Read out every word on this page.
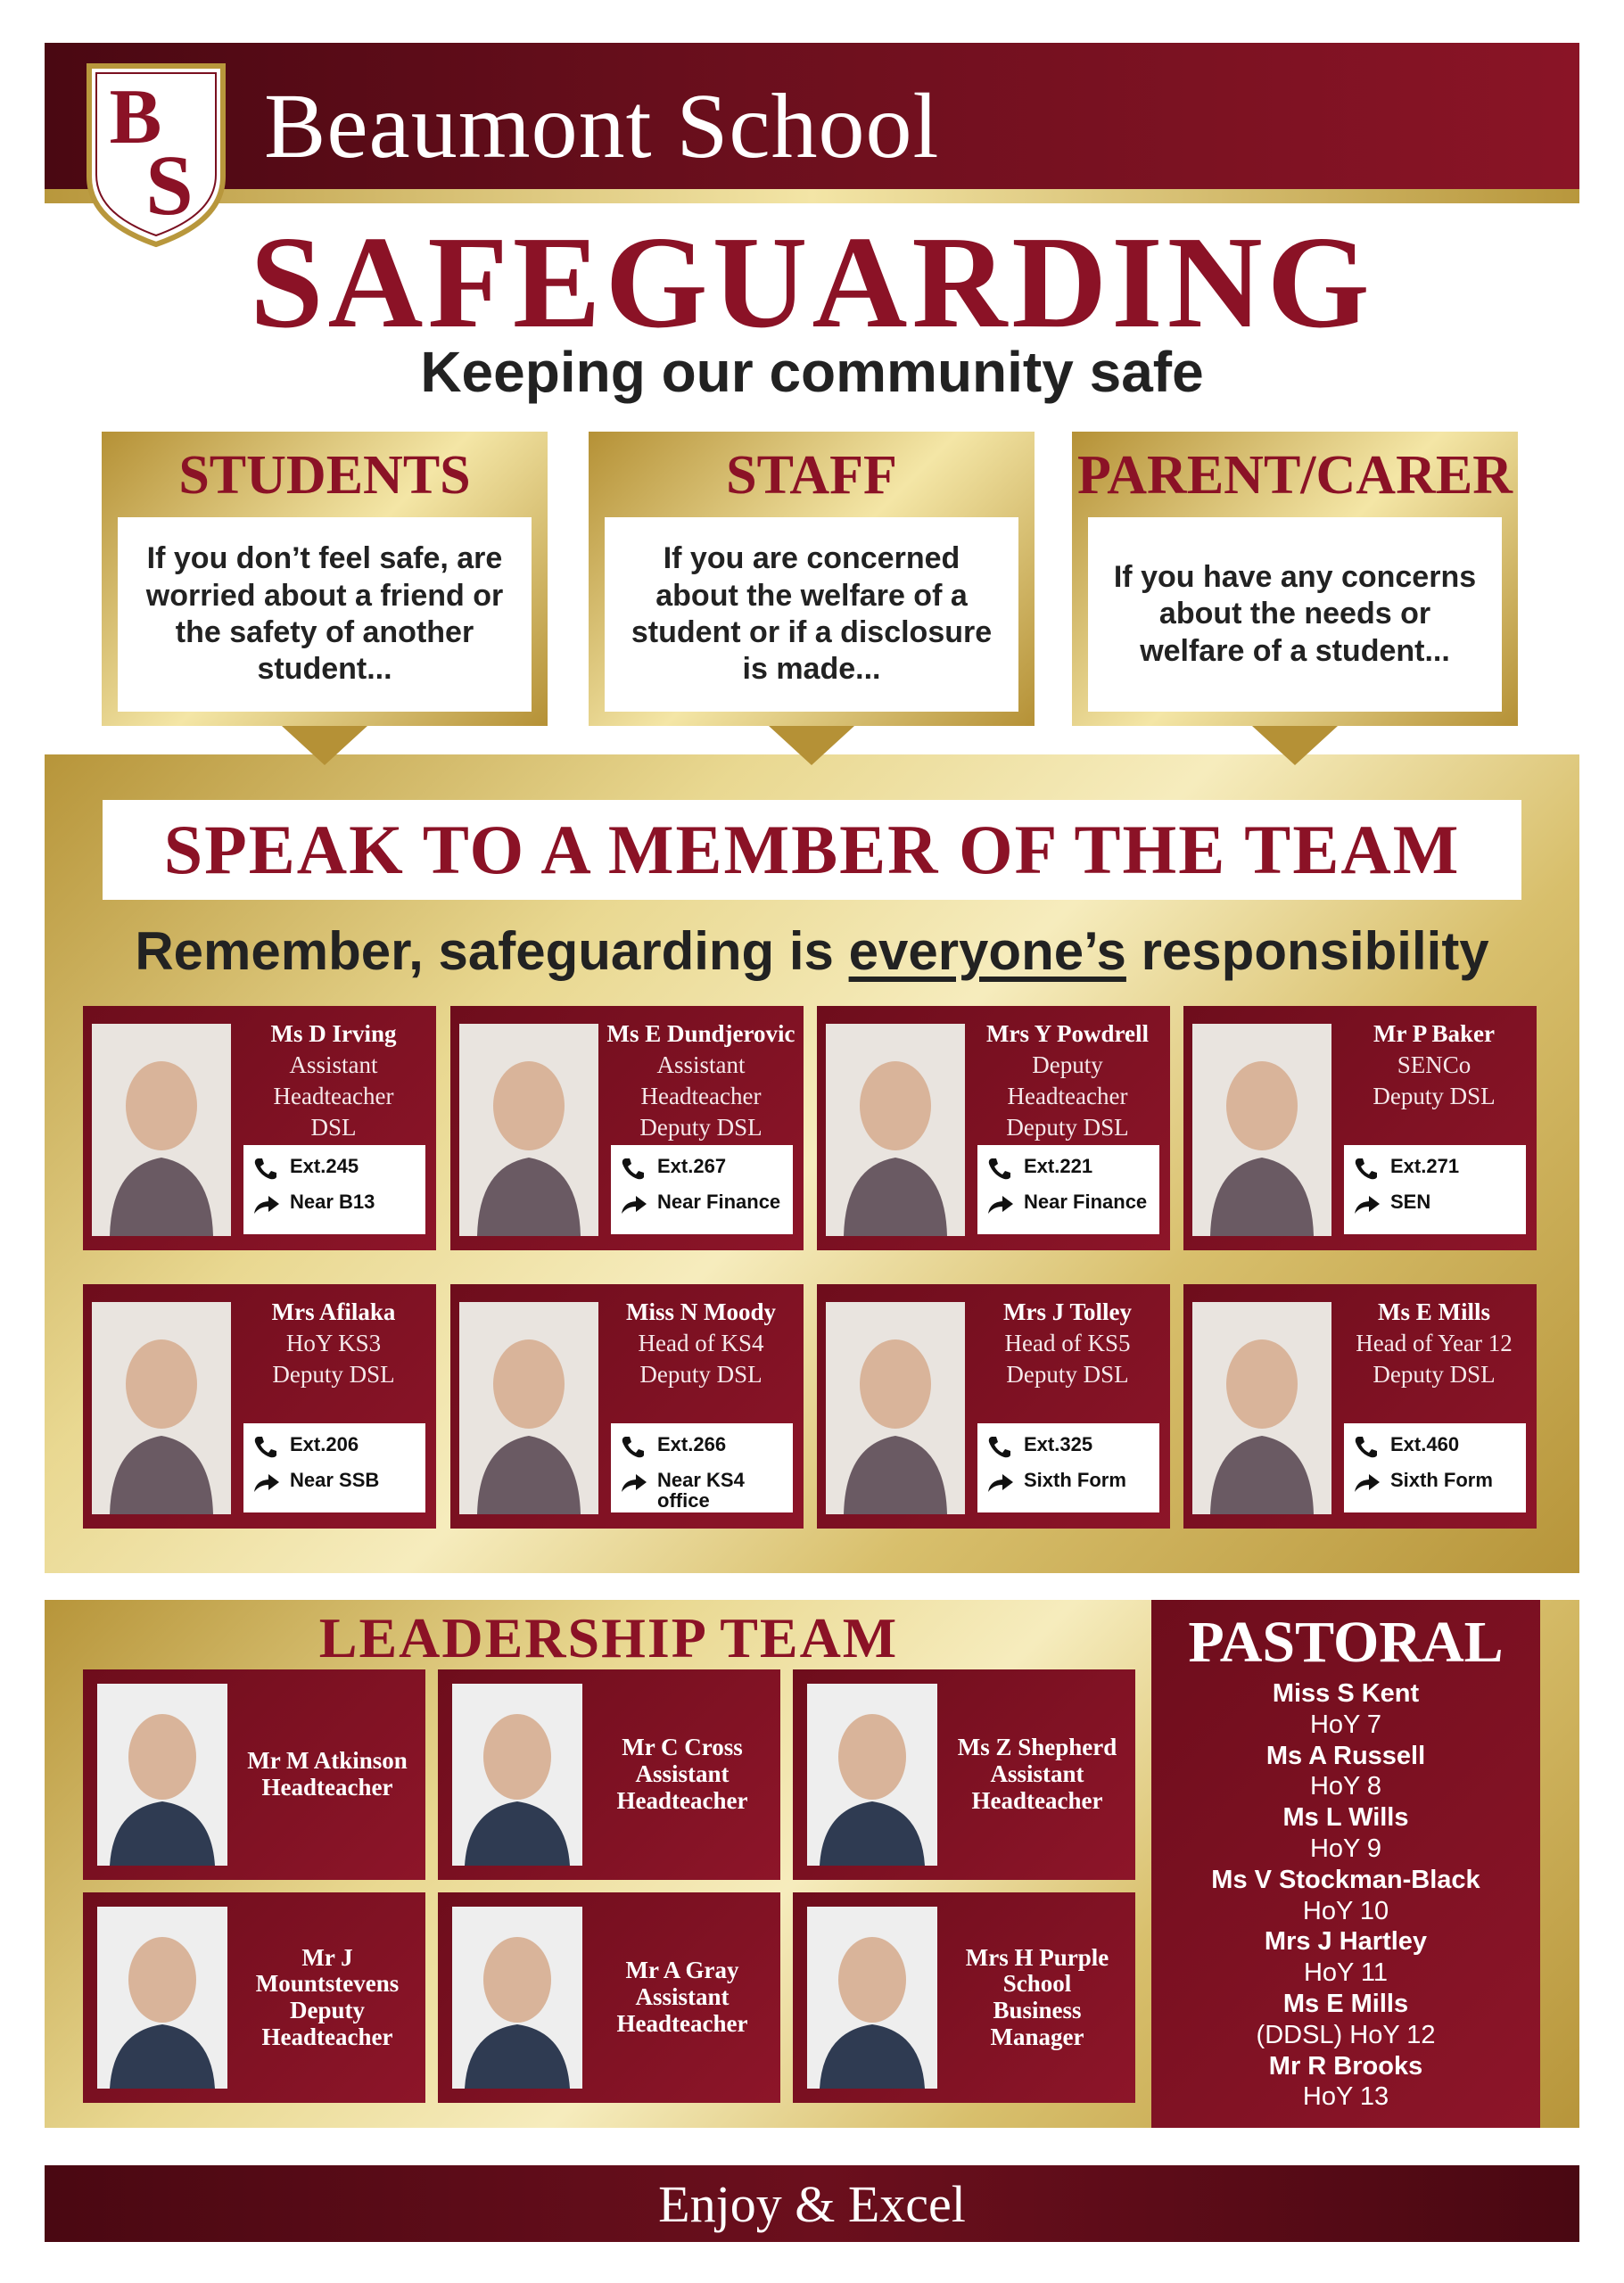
Beaumont School
B
S
SAFEGUARDING
Keeping our community safe
STUDENTS
If you don’t feel safe, are worried about a friend or the safety of another student...
STAFF
If you are concerned about the welfare of a student or if a disclosure is made...
PARENT/CARER
If you have any concerns about the needs or welfare of a student...
SPEAK TO A MEMBER OF THE TEAM
Remember, safeguarding is everyone’s responsibility
Ms D Irving
Assistant
Headteacher
DSL
Ext.245
Near B13
Ms E Dundjerovic
Assistant
Headteacher
Deputy DSL
Ext.267
Near Finance
Mrs Y Powdrell
Deputy
Headteacher
Deputy DSL
Ext.221
Near Finance
Mr P Baker
SENCo
Deputy DSL
Ext.271
SEN
Mrs Afilaka
HoY KS3
Deputy DSL
Ext.206
Near SSB
Miss N Moody
Head of KS4
Deputy DSL
Ext.266
Near KS4 office
Mrs J Tolley
Head of KS5
Deputy DSL
Ext.325
Sixth Form
Ms E Mills
Head of Year 12
Deputy DSL
Ext.460
Sixth Form
LEADERSHIP TEAM
Mr M Atkinson
Headteacher
Mr C Cross
Assistant
Headteacher
Ms Z Shepherd
Assistant
Headteacher
Mr J Mountstevens
Deputy
Headteacher
Mr A Gray
Assistant
Headteacher
Mrs H Purple
School
Business
Manager
PASTORAL
Miss S Kent
HoY 7
Ms A Russell
HoY 8
Ms L Wills
HoY 9
Ms V Stockman-Black
HoY 10
Mrs J Hartley
HoY 11
Ms E Mills
(DDSL) HoY 12
Mr R Brooks
HoY 13
Enjoy & Excel
